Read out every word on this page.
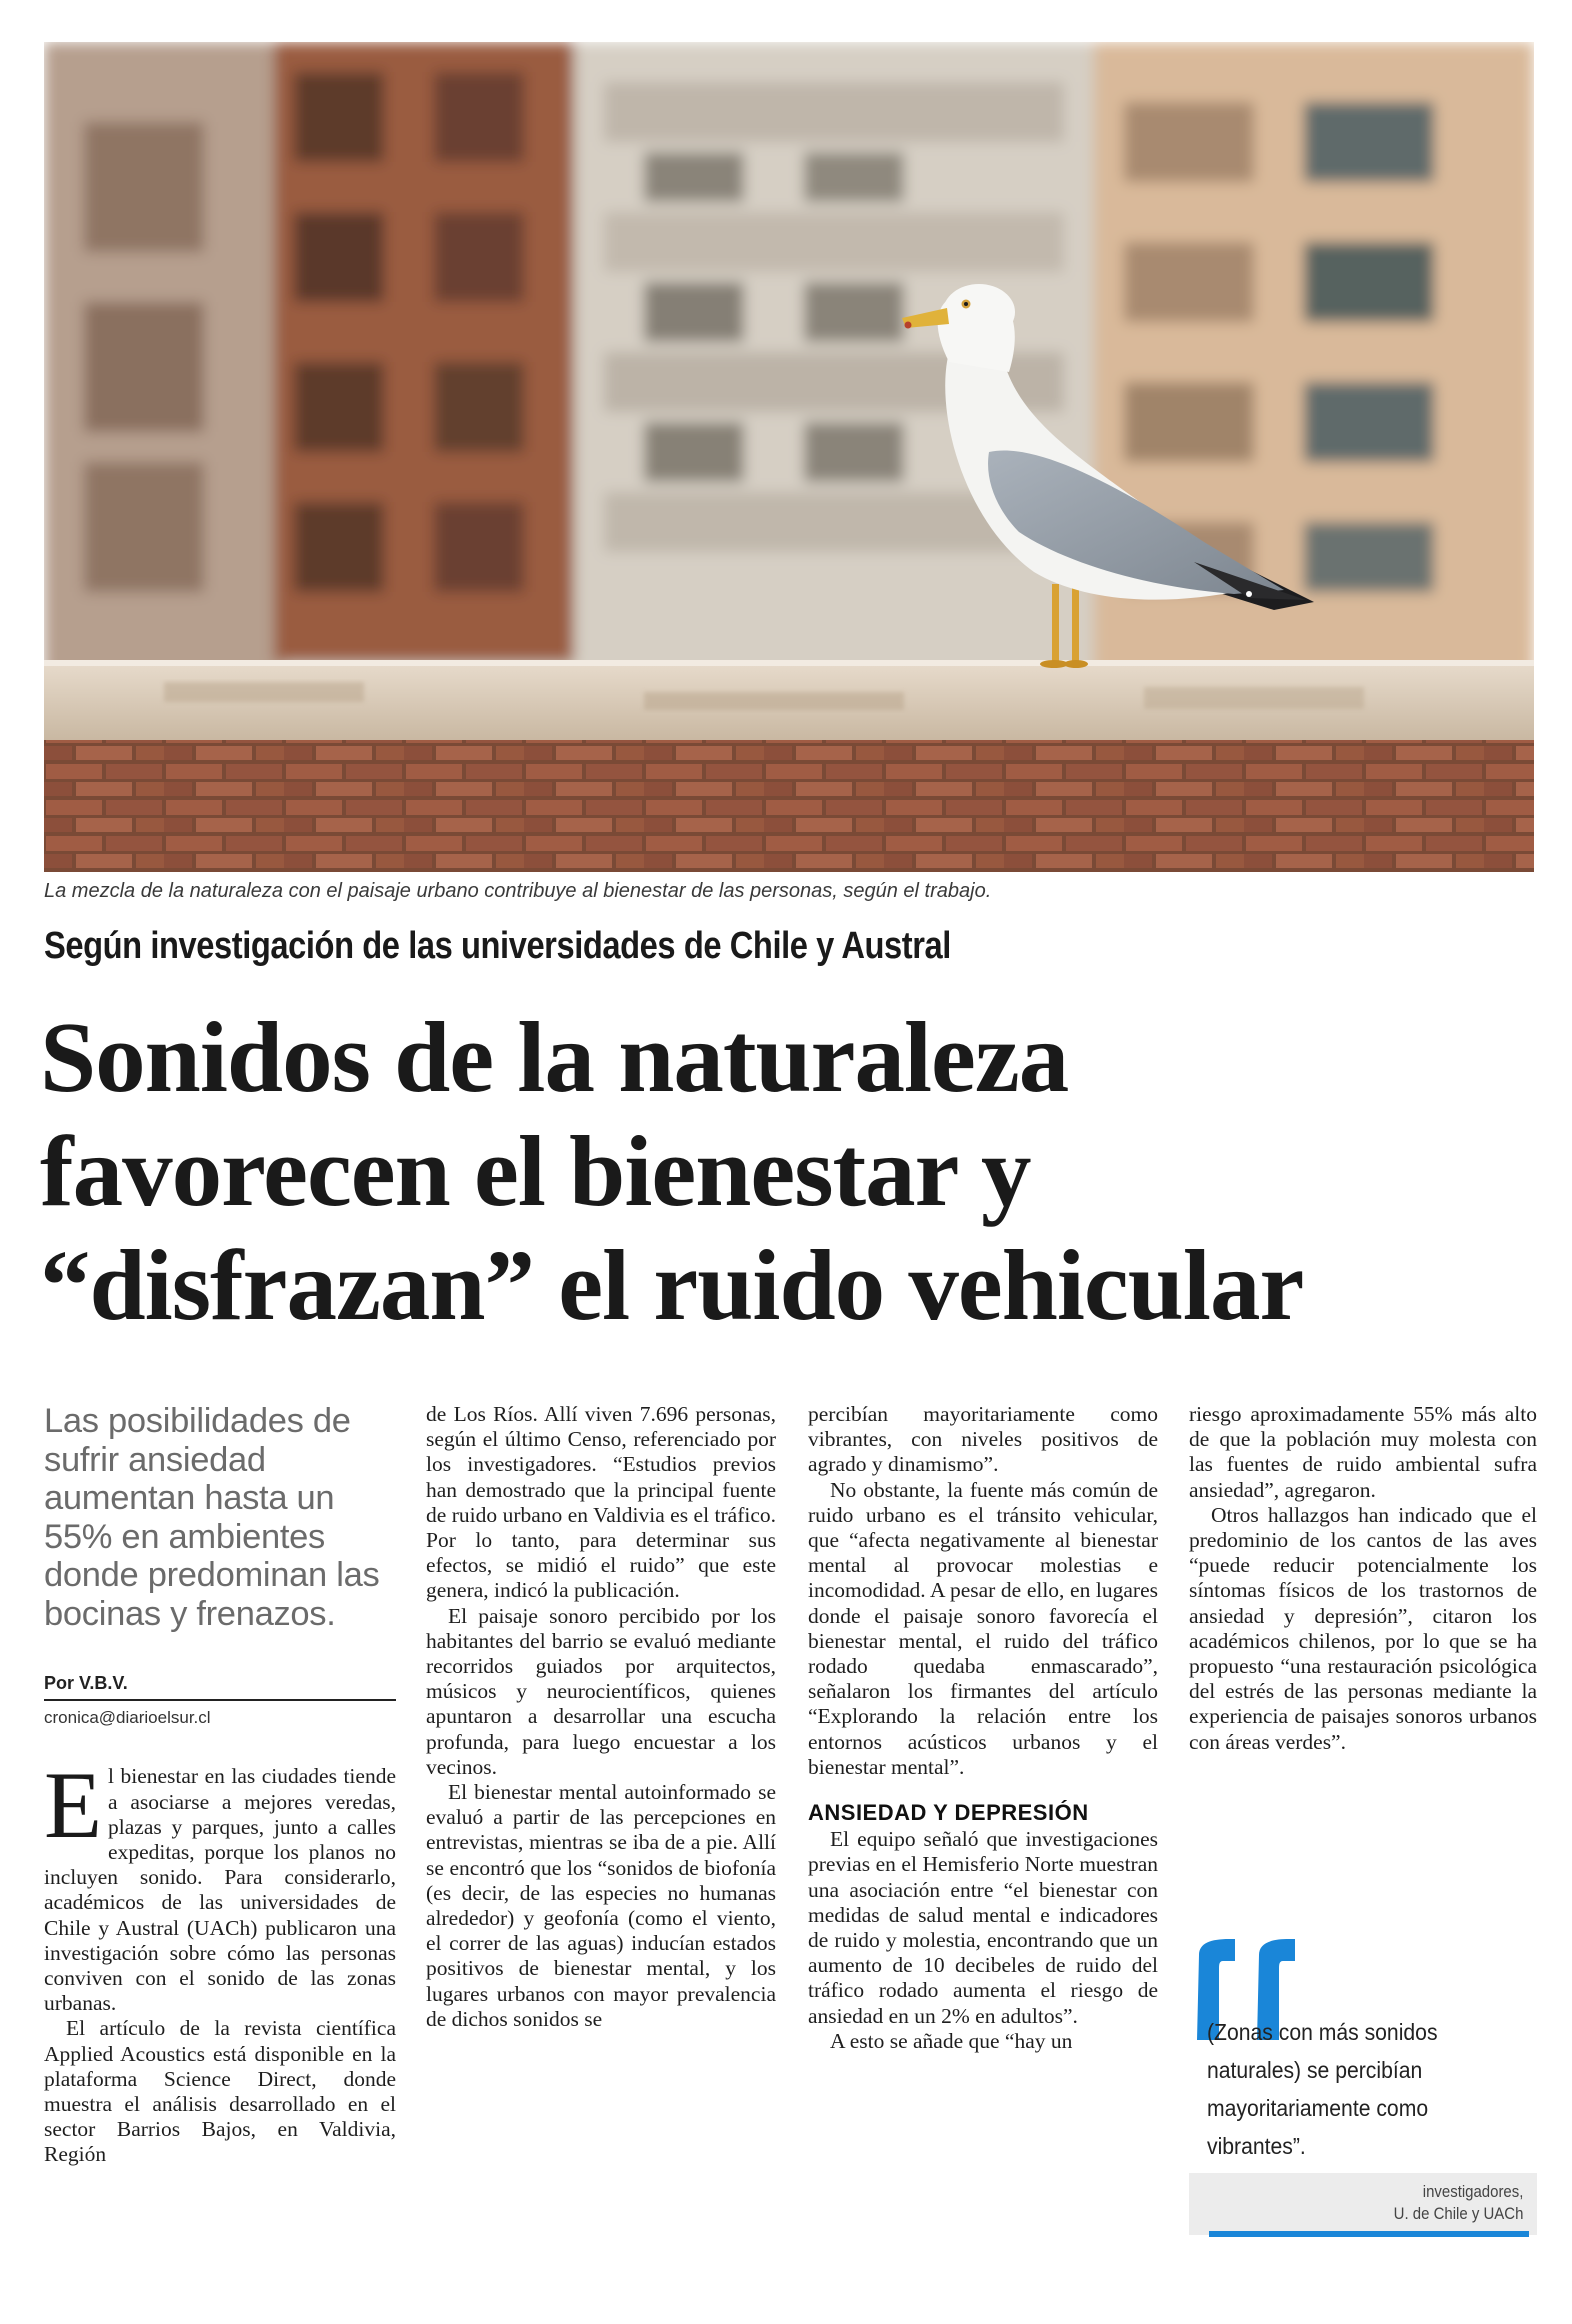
La mezcla de la naturaleza con el paisaje urbano contribuye al bienestar de las personas, según el trabajo.
Según investigación de las universidades de Chile y Austral
Sonidos de la naturaleza
favorecen el bienestar y
“disfrazan” el ruido vehicular
Las posibilidades de sufrir ansiedad aumentan hasta un 55% en ambientes donde predominan las bocinas y frenazos.
Por V.B.V.
cronica@diarioelsur.cl
E l bienestar en las ciudades tiende a asociarse a mejores veredas, plazas y parques, junto a calles expeditas, porque los planos no incluyen sonido. Para considerarlo, académicos de las universidades de Chile y Austral (UACh) publicaron una investigación sobre cómo las personas conviven con el sonido de las zonas urbanas.

El artículo de la revista científica Applied Acoustics está disponible en la plataforma Science Direct, donde muestra el análisis desarrollado en el sector Barrios Bajos, en Valdivia, Región

de Los Ríos. Allí viven 7.696 personas, según el último Censo, referenciado por los investigadores. “Estudios previos han demostrado que la principal fuente de ruido urbano en Valdivia es el tráfico. Por lo tanto, para determinar sus efectos, se midió el ruido” que este genera, indicó la publicación.

El paisaje sonoro percibido por los habitantes del barrio se evaluó mediante recorridos guiados por arquitectos, músicos y neurocientíficos, quienes apuntaron a desarrollar una escucha profunda, para luego encuestar a los vecinos.

El bienestar mental autoinformado se evaluó a partir de las percepciones en entrevistas, mientras se iba de a pie. Allí se encontró que los “sonidos de biofonía (es decir, de las especies no humanas alrededor) y geofonía (como el viento, el correr de las aguas) inducían estados positivos de bienestar mental, y los lugares urbanos con mayor prevalencia de dichos sonidos se

percibían mayoritariamente como vibrantes, con niveles positivos de agrado y dinamismo”.

No obstante, la fuente más común de ruido urbano es el tránsito vehicular, que “afecta negativamente al bienestar mental al provocar molestias e incomodidad. A pesar de ello, en lugares donde el paisaje sonoro favorecía el bienestar mental, el ruido del tráfico rodado quedaba enmascarado”, señalaron los firmantes del artículo “Explorando la relación entre los entornos acústicos urbanos y el bienestar mental”.

ANSIEDAD Y DEPRESIÓN

El equipo señaló que investigaciones previas en el Hemisferio Norte muestran una asociación entre “el bienestar con medidas de salud mental e indicadores de ruido y molestia, encontrando que un aumento de 10 decibeles de ruido del tráfico rodado aumenta el riesgo de ansiedad en un 2% en adultos”.

A esto se añade que “hay un

riesgo aproximadamente 55% más alto de que la población muy molesta con las fuentes de ruido ambiental sufra ansiedad”, agregaron.

Otros hallazgos han indicado que el predominio de los cantos de las aves “puede reducir potencialmente los síntomas físicos de los trastornos de ansiedad y depresión”, citaron los académicos chilenos, por lo que se ha propuesto “una restauración psicológica del estrés de las personas mediante la experiencia de paisajes sonoros urbanos con áreas verdes”.

(Zonas con más sonidos naturales) se percibían mayoritariamente como vibrantes”.
investigadores,
U. de Chile y UACh
